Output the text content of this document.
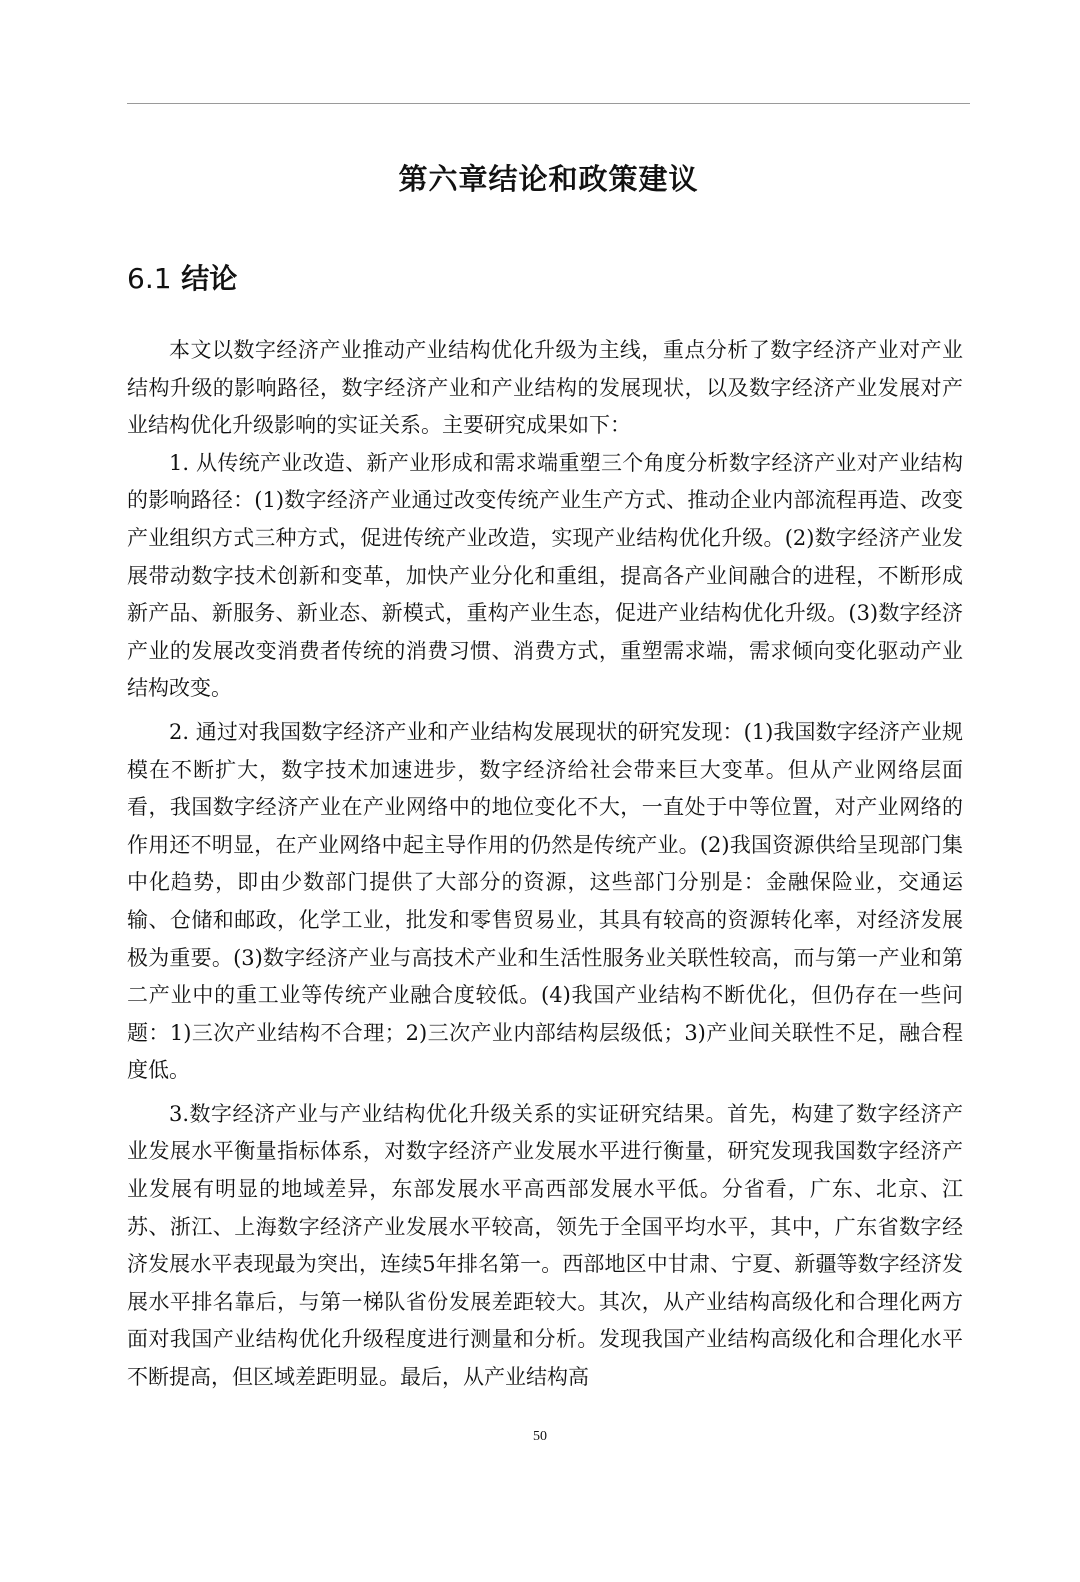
第六章结论和政策建议
6.1 结论

本文以数字经济产业推动产业结构优化升级为主线，重点分析了数字经济产业对产业结构升级的影响路径，数字经济产业和产业结构的发展现状，以及数字经济产业发展对产业结构优化升级影响的实证关系。主要研究成果如下：

1. 从传统产业改造、新产业形成和需求端重塑三个角度分析数字经济产业对产业结构的影响路径：(1)数字经济产业通过改变传统产业生产方式、推动企业内部流程再造、改变产业组织方式三种方式，促进传统产业改造，实现产业结构优化升级。(2)数字经济产业发展带动数字技术创新和变革，加快产业分化和重组，提高各产业间融合的进程，不断形成新产品、新服务、新业态、新模式，重构产业生态，促进产业结构优化升级。(3)数字经济产业的发展改变消费者传统的消费习惯、消费方式，重塑需求端，需求倾向变化驱动产业结构改变。

2. 通过对我国数字经济产业和产业结构发展现状的研究发现：(1)我国数字经济产业规模在不断扩大，数字技术加速进步，数字经济给社会带来巨大变革。但从产业网络层面看，我国数字经济产业在产业网络中的地位变化不大，一直处于中等位置，对产业网络的作用还不明显，在产业网络中起主导作用的仍然是传统产业。(2)我国资源供给呈现部门集中化趋势，即由少数部门提供了大部分的资源，这些部门分别是：金融保险业，交通运输、仓储和邮政，化学工业，批发和零售贸易业，其具有较高的资源转化率，对经济发展极为重要。(3)数字经济产业与高技术产业和生活性服务业关联性较高，而与第一产业和第二产业中的重工业等传统产业融合度较低。(4)我国产业结构不断优化，但仍存在一些问题：1)三次产业结构不合理；2)三次产业内部结构层级低；3)产业间关联性不足，融合程度低。

3.数字经济产业与产业结构优化升级关系的实证研究结果。首先，构建了数字经济产业发展水平衡量指标体系，对数字经济产业发展水平进行衡量，研究发现我国数字经济产业发展有明显的地域差异，东部发展水平高西部发展水平低。分省看，广东、北京、江苏、浙江、上海数字经济产业发展水平较高，领先于全国平均水平，其中，广东省数字经济发展水平表现最为突出，连续5年排名第一。西部地区中甘肃、宁夏、新疆等数字经济发展水平排名靠后，与第一梯队省份发展差距较大。其次，从产业结构高级化和合理化两方面对我国产业结构优化升级程度进行测量和分析。发现我国产业结构高级化和合理化水平不断提高，但区域差距明显。最后，从产业结构高

50
